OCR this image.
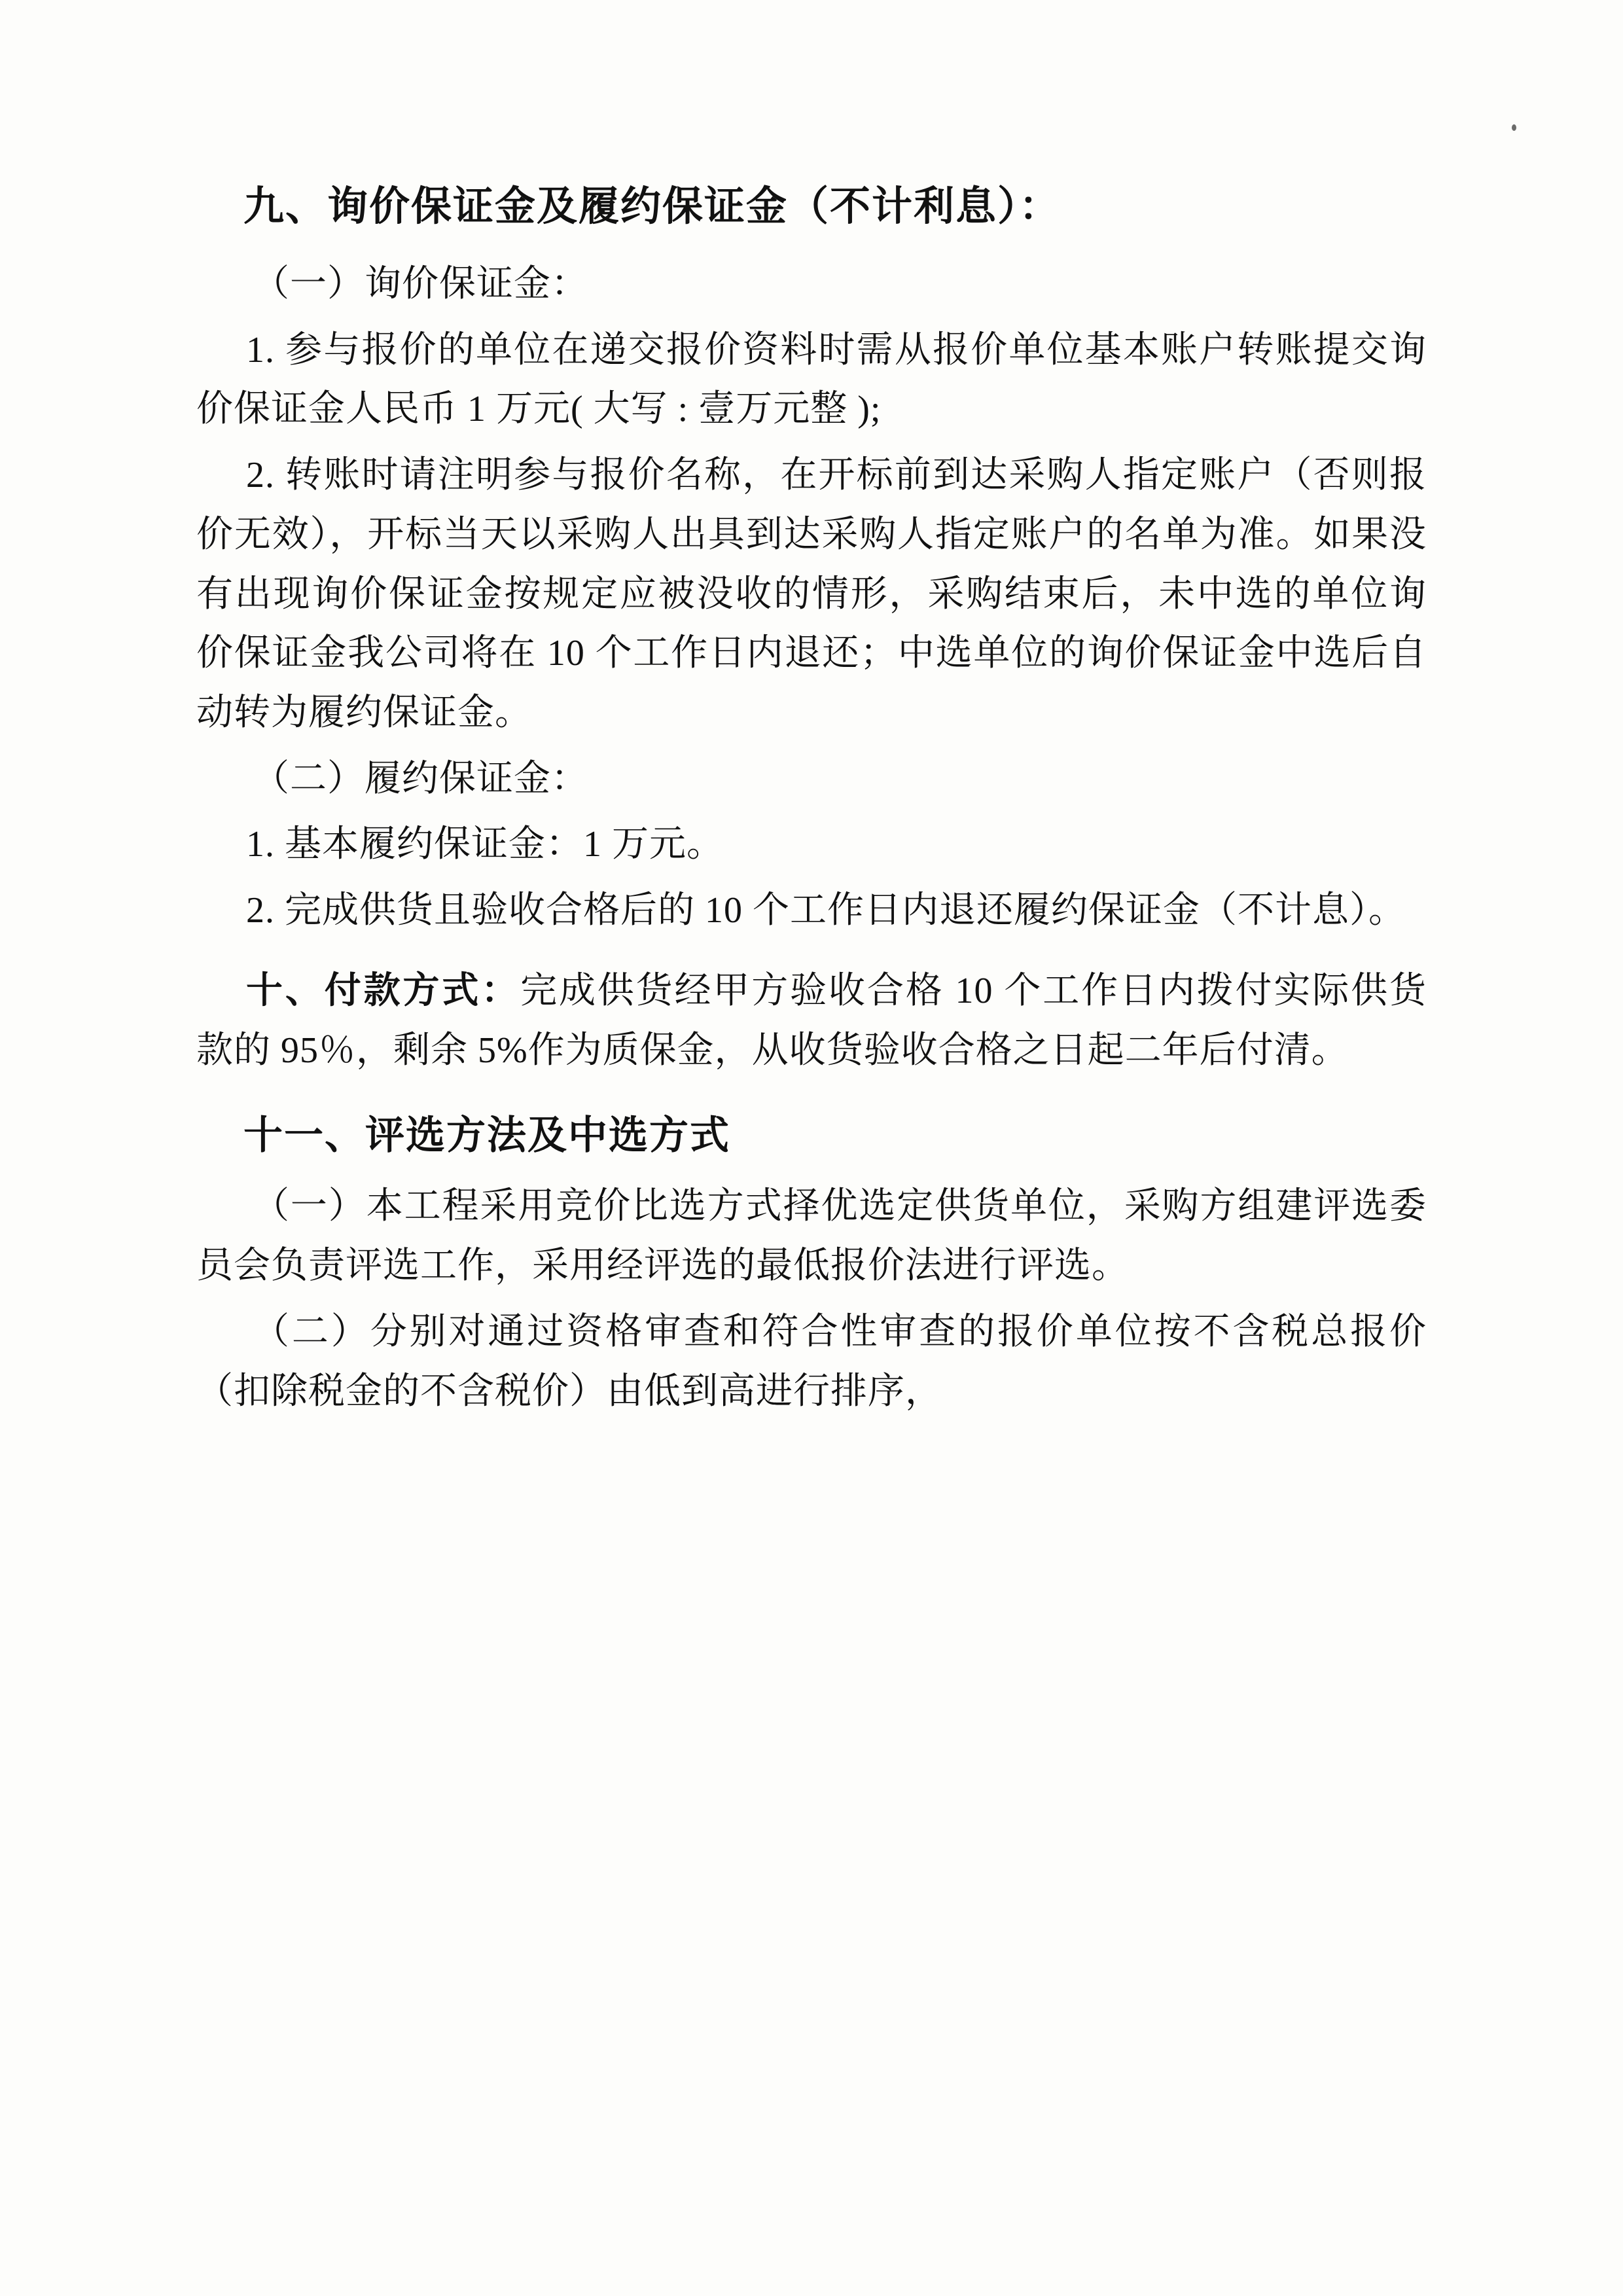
九、询价保证金及履约保证金（不计利息）：

（一）询价保证金：

1. 参与报价的单位在递交报价资料时需从报价单位基本账户转账提交询价保证金人民币 1 万元( 大写 : 壹万元整 );

2. 转账时请注明参与报价名称，在开标前到达采购人指定账户（否则报价无效），开标当天以采购人出具到达采购人指定账户的名单为准。如果没有出现询价保证金按规定应被没收的情形，采购结束后，未中选的单位询价保证金我公司将在 10 个工作日内退还；中选单位的询价保证金中选后自动转为履约保证金。

（二）履约保证金：

1. 基本履约保证金：1 万元。

2. 完成供货且验收合格后的 10 个工作日内退还履约保证金（不计息）。

十、付款方式：完成供货经甲方验收合格 10 个工作日内拨付实际供货款的 95％，剩余 5%作为质保金，从收货验收合格之日起二年后付清。

十一、评选方法及中选方式

（一）本工程采用竞价比选方式择优选定供货单位，采购方组建评选委员会负责评选工作，采用经评选的最低报价法进行评选。

（二）分别对通过资格审查和符合性审查的报价单位按不含税总报价（扣除税金的不含税价）由低到高进行排序，
